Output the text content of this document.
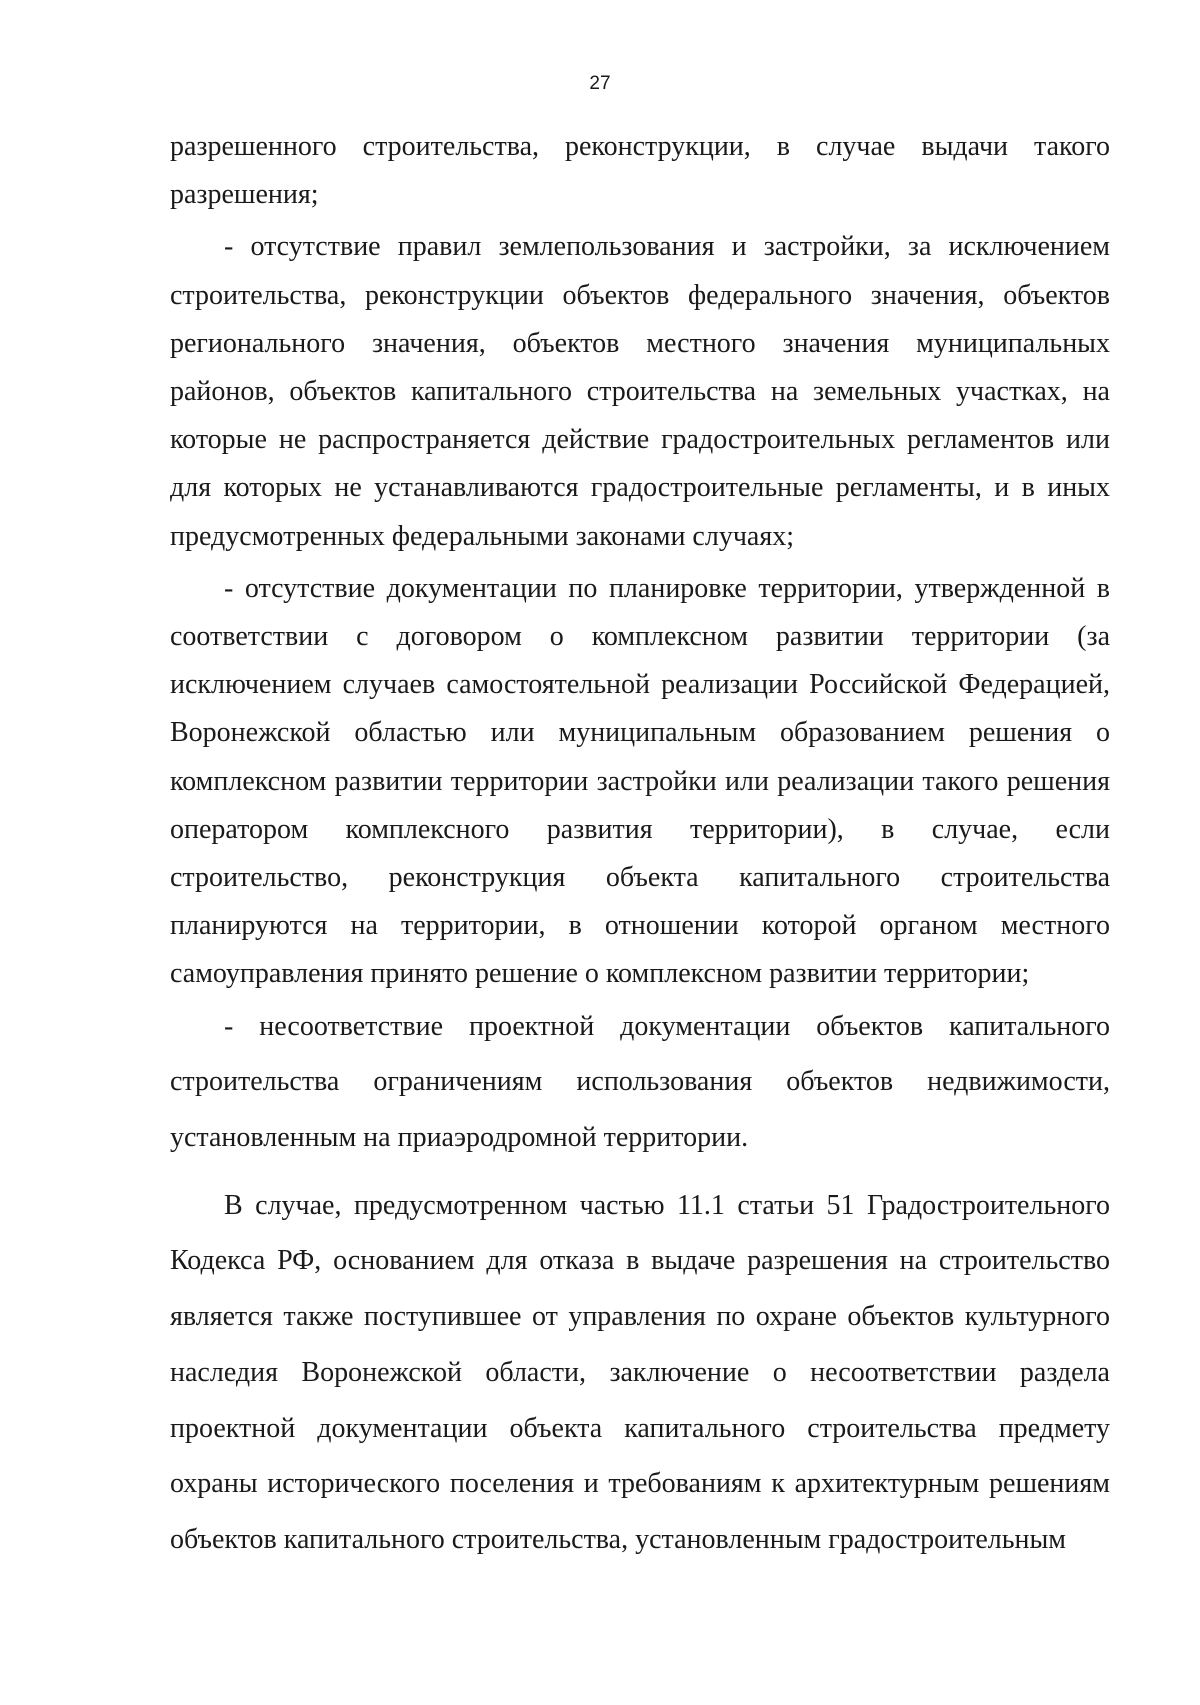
27

разрешенного строительства, реконструкции, в случае выдачи такого разрешения;

- отсутствие правил землепользования и застройки, за исключением строительства, реконструкции объектов федерального значения, объектов регионального значения, объектов местного значения муниципальных районов, объектов капитального строительства на земельных участках, на которые не распространяется действие градостроительных регламентов или для которых не устанавливаются градостроительные регламенты, и в иных предусмотренных федеральными законами случаях;

- отсутствие документации по планировке территории, утвержденной в соответствии с договором о комплексном развитии территории (за исключением случаев самостоятельной реализации Российской Федерацией, Воронежской областью или муниципальным образованием решения о комплексном развитии территории застройки или реализации такого решения оператором комплексного развития территории), в случае, если строительство, реконструкция объекта капитального строительства планируются на территории, в отношении которой органом местного самоуправления принято решение о комплексном развитии территории;

- несоответствие проектной документации объектов капитального строительства ограничениям использования объектов недвижимости, установленным на приаэродромной территории.

В случае, предусмотренном частью 11.1 статьи 51 Градостроительного Кодекса РФ, основанием для отказа в выдаче разрешения на строительство является также поступившее от управления по охране объектов культурного наследия Воронежской области, заключение о несоответствии раздела проектной документации объекта капитального строительства предмету охраны исторического поселения и требованиям к архитектурным решениям объектов капитального строительства, установленным градостроительным
